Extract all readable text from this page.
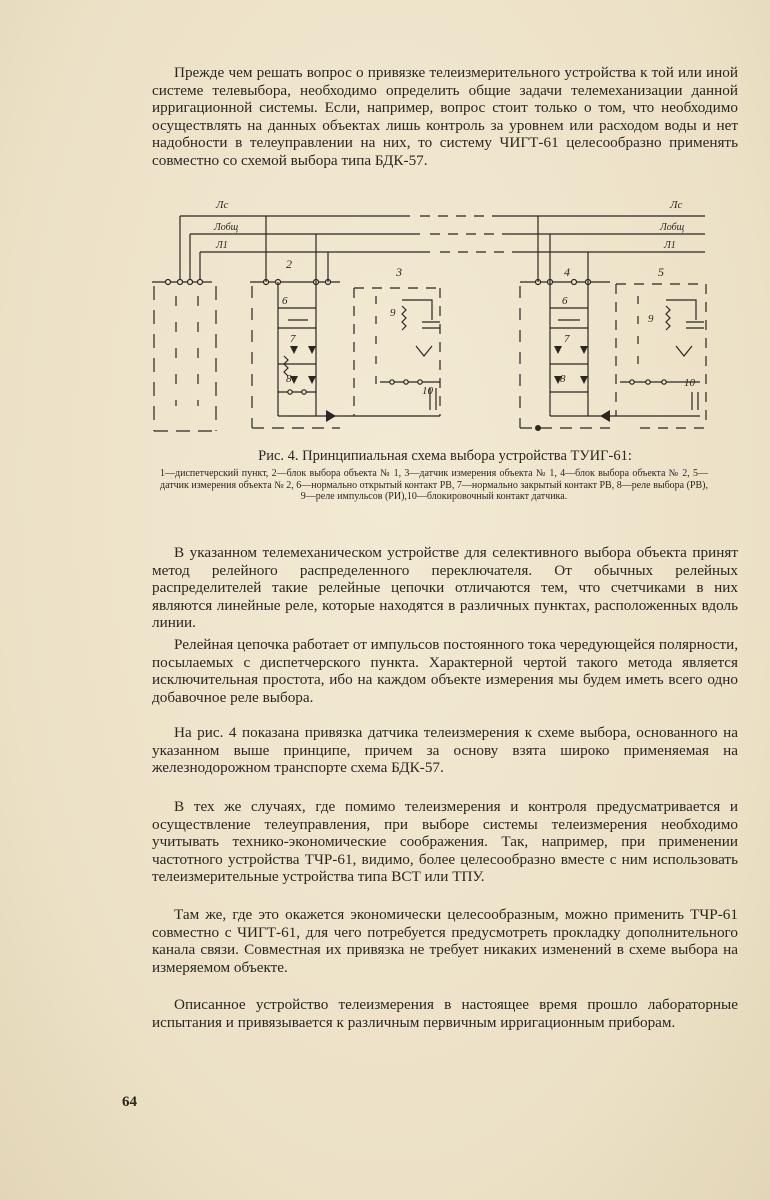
Прежде чем решать вопрос о привязке телеизмерительного устройства к той или иной системе телевыбора, необходимо определить общие задачи телемеханизации данной ирригационной системы. Если, например, вопрос стоит только о том, что необходимо осуществлять на данных объектах лишь контроль за уровнем или расходом воды и нет надобности в телеуправлении на них, то систему ЧИГТ-61 целесообразно применять совместно со схемой выбора типа БДК-57.

Лс
Лобщ
Л1
Лс
Лобщ
Л1
2
6
7
8
3
9
10
4
6
7
8
5
9
10
Рис. 4. Принципиальная схема выбора устройства ТУИГ-61:
1—диспетчерский пункт, 2—блок выбора объекта № 1, 3—датчик измерения объекта № 1, 4—блок выбора объекта № 2, 5—датчик измерения объекта № 2, 6—нормально открытый контакт РВ, 7—нормально закрытый контакт РВ, 8—реле выбора (РВ), 9—реле импульсов (РИ),10—блокировочный контакт датчика.

В указанном телемеханическом устройстве для селективного выбора объекта принят метод релейного распределенного переключателя. От обычных релейных распределителей такие релейные цепочки отличаются тем, что счетчиками в них являются линейные реле, которые находятся в различных пунктах, расположенных вдоль линии.

Релейная цепочка работает от импульсов постоянного тока чередующейся полярности, посылаемых с диспетчерского пункта. Характерной чертой такого метода является исключительная простота, ибо на каждом объекте измерения мы будем иметь всего одно добавочное реле выбора.

На рис. 4 показана привязка датчика телеизмерения к схеме выбора, основанного на указанном выше принципе, причем за основу взята широко применяемая на железнодорожном транспорте схема БДК-57.

В тех же случаях, где помимо телеизмерения и контроля предусматривается и осуществление телеуправления, при выборе системы телеизмерения необходимо учитывать технико-экономические соображения. Так, например, при применении частотного устройства ТЧР-61, видимо, более целесообразно вместе с ним использовать телеизмерительные устройства типа ВСТ или ТПУ.

Там же, где это окажется экономически целесообразным, можно применить ТЧР-61 совместно с ЧИГТ-61, для чего потребуется предусмотреть прокладку дополнительного канала связи. Совместная их привязка не требует никаких изменений в схеме выбора на измеряемом объекте.

Описанное устройство телеизмерения в настоящее время прошло лабораторные испытания и привязывается к различным первичным ирригационным приборам.

64
